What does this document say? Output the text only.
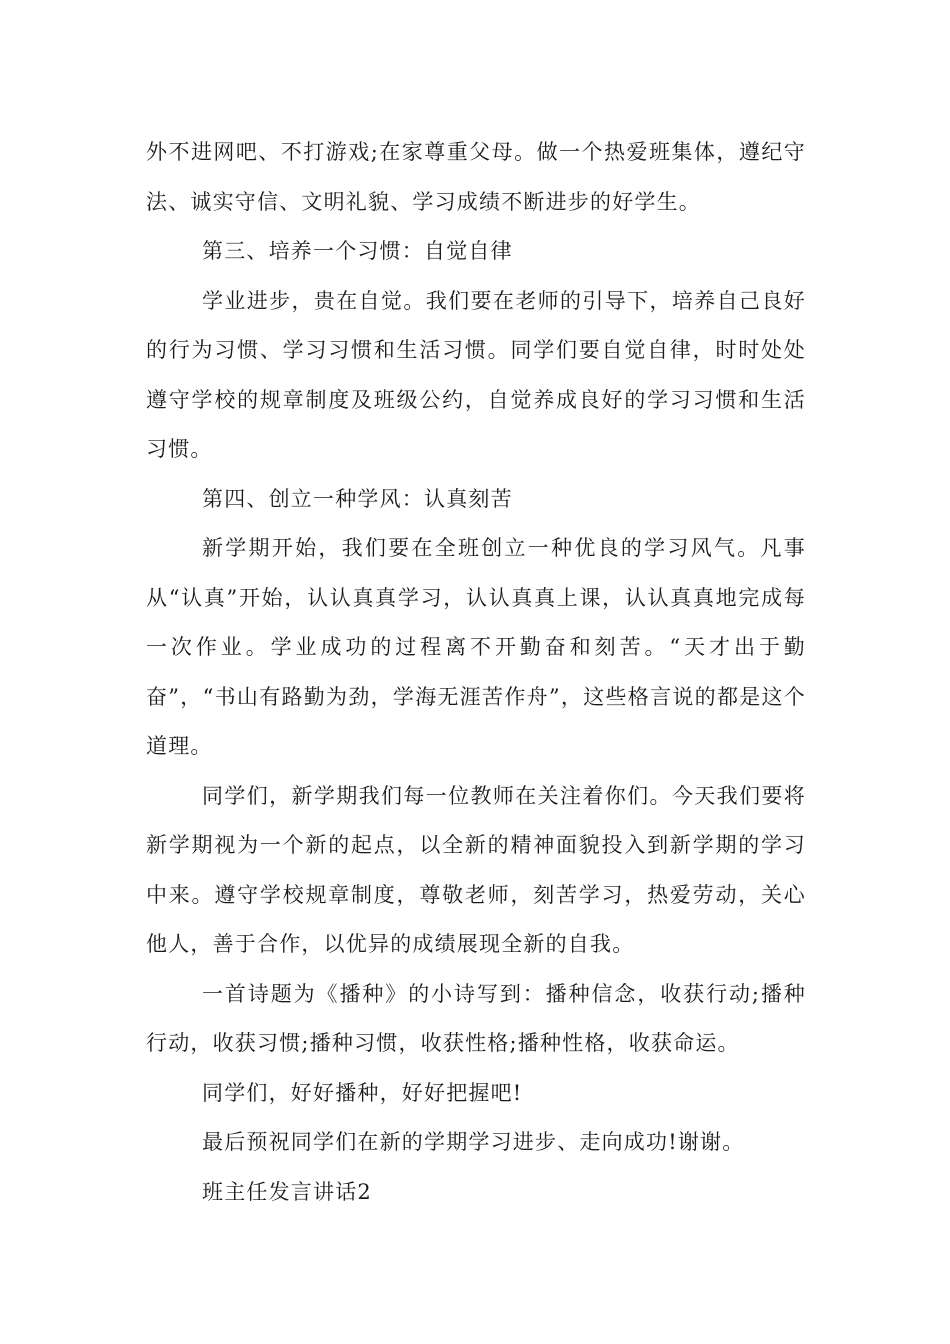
外不进网吧、不打游戏;在家尊重父母。做一个热爱班集体，遵纪守法、诚实守信、文明礼貌、学习成绩不断进步的好学生。

第三、培养一个习惯：自觉自律

学业进步，贵在自觉。我们要在老师的引导下，培养自己良好的行为习惯、学习习惯和生活习惯。同学们要自觉自律，时时处处遵守学校的规章制度及班级公约，自觉养成良好的学习习惯和生活习惯。

第四、创立一种学风：认真刻苦

新学期开始，我们要在全班创立一种优良的学习风气。凡事从“认真”开始，认认真真学习，认认真真上课，认认真真地完成每一次作业。学业成功的过程离不开勤奋和刻苦。“天才出于勤奋”，“书山有路勤为劲，学海无涯苦作舟”，这些格言说的都是这个道理。

同学们，新学期我们每一位教师在关注着你们。今天我们要将新学期视为一个新的起点，以全新的精神面貌投入到新学期的学习中来。遵守学校规章制度，尊敬老师，刻苦学习，热爱劳动，关心他人，善于合作，以优异的成绩展现全新的自我。

一首诗题为《播种》的小诗写到：播种信念，收获行动;播种行动，收获习惯;播种习惯，收获性格;播种性格，收获命运。

同学们，好好播种，好好把握吧!

最后预祝同学们在新的学期学习进步、走向成功!谢谢。

班主任发言讲话2
